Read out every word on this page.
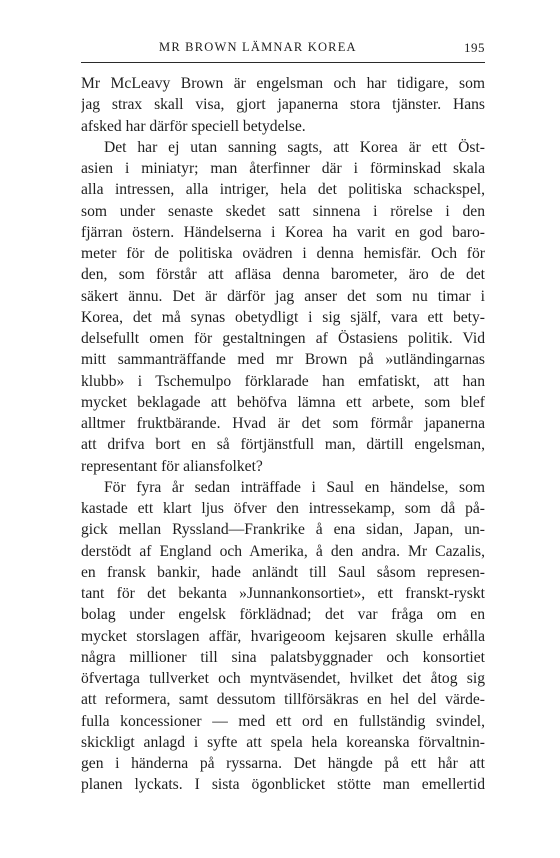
MR BROWN LÄMNAR KOREA	195
Mr McLeavy Brown är engelsman och har tidigare, som
jag strax skall visa, gjort japanerna stora tjänster. Hans
afsked har därför speciell betydelse.
Det har ej utan sanning sagts, att Korea är ett Öst-
asien i miniatyr; man återfinner där i förminskad skala
alla intressen, alla intriger, hela det politiska schackspel,
som under senaste skedet satt sinnena i rörelse i den
fjärran östern. Händelserna i Korea ha varit en god baro-
meter för de politiska ovädren i denna hemisfär. Och för
den, som förstår att afläsa denna barometer, äro de det
säkert ännu. Det är därför jag anser det som nu timar i
Korea, det må synas obetydligt i sig själf, vara ett bety-
delsefullt omen för gestaltningen af Östasiens politik. Vid
mitt sammanträffande med mr Brown på »utländingarnas
klubb» i Tschemulpo förklarade han emfatiskt, att han
mycket beklagade att behöfva lämna ett arbete, som blef
alltmer fruktbärande. Hvad är det som förmår japanerna
att drifva bort en så förtjänstfull man, därtill engelsman,
representant för aliansfolket?
För fyra år sedan inträffade i Saul en händelse, som
kastade ett klart ljus öfver den intressekamp, som då på-
gick mellan Ryssland—Frankrike å ena sidan, Japan, un-
derstödt af England och Amerika, å den andra. Mr Cazalis,
en fransk bankir, hade anländt till Saul såsom represen-
tant för det bekanta »Junnankonsortiet», ett franskt-ryskt
bolag under engelsk förklädnad; det var fråga om en
mycket storslagen affär, hvarigeoom kejsaren skulle erhålla
några millioner till sina palatsbyggnader och konsortiet
öfvertaga tullverket och myntväsendet, hvilket det åtog sig
att reformera, samt dessutom tillförsäkras en hel del värde-
fulla koncessioner — med ett ord en fullständig svindel,
skickligt anlagd i syfte att spela hela koreanska förvaltnin-
gen i händerna på ryssarna. Det hängde på ett hår att
planen lyckats. I sista ögonblicket stötte man emellertid
